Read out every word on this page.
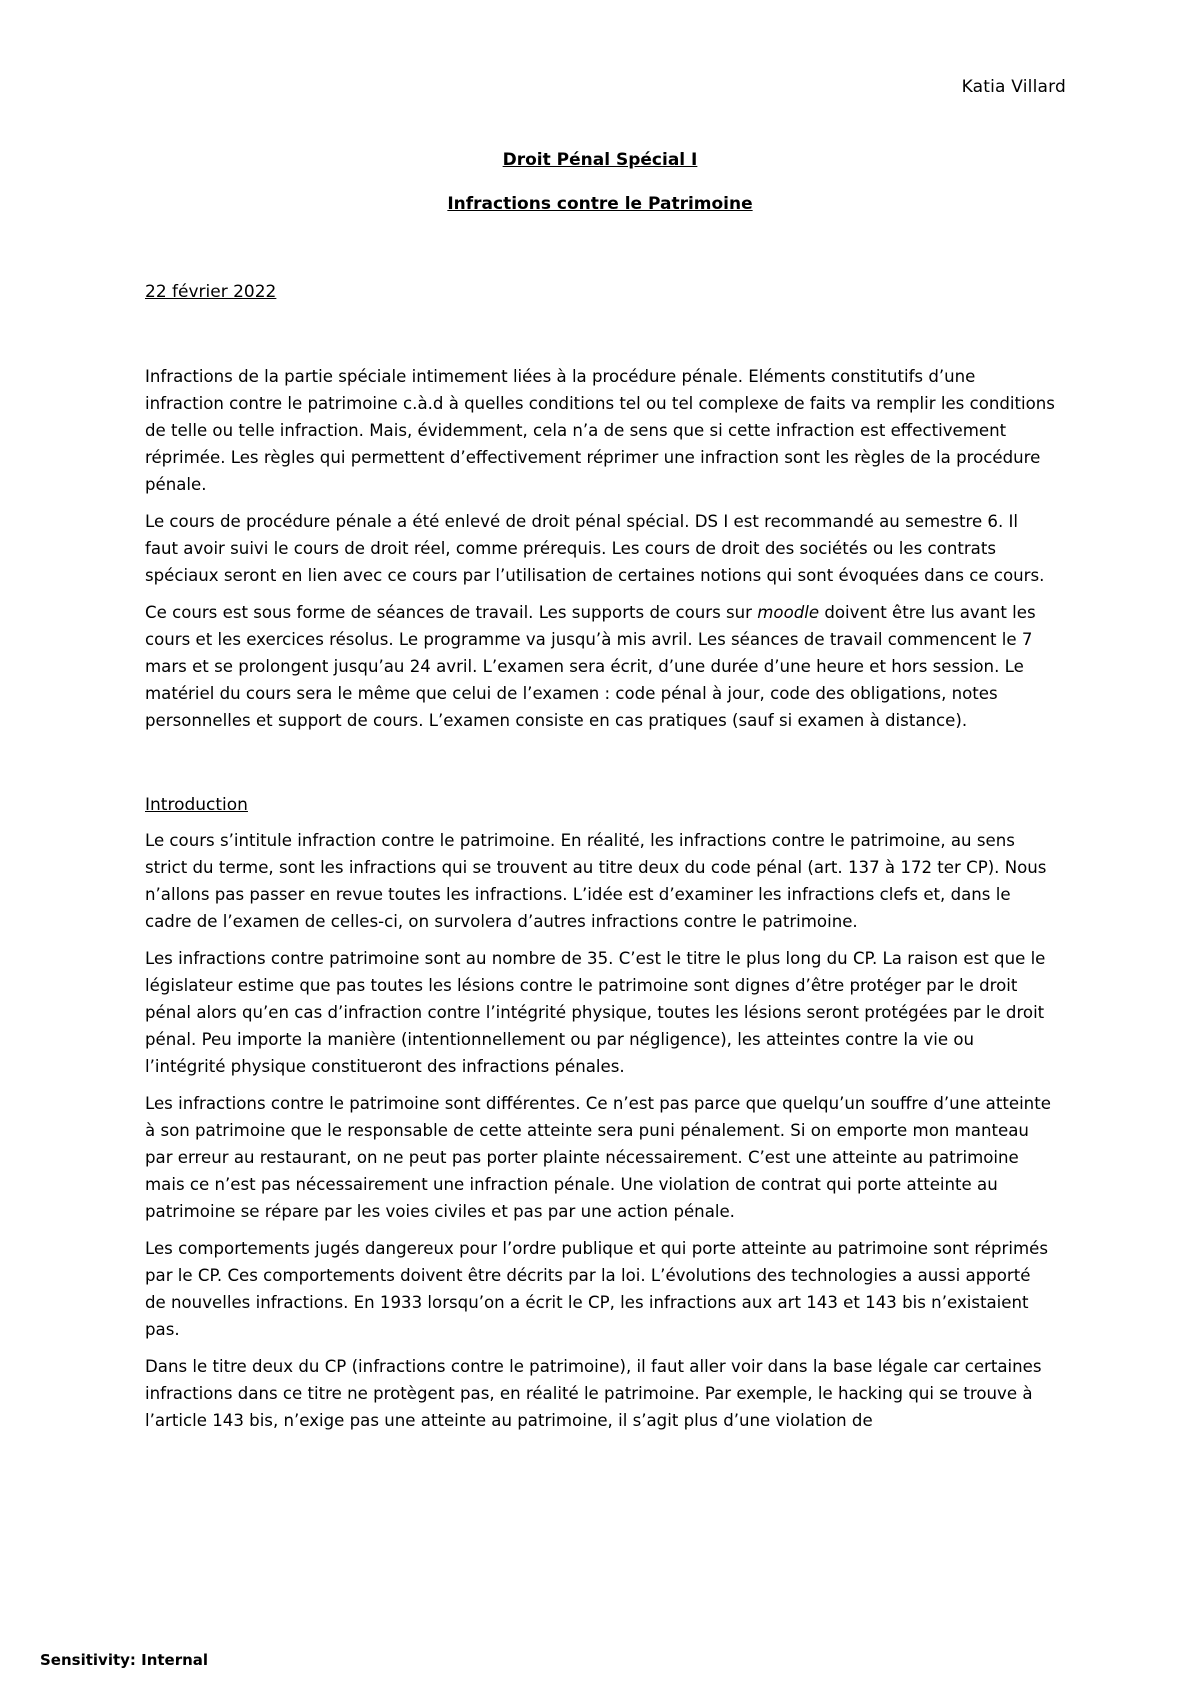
Katia Villard
Droit Pénal Spécial I
Infractions contre le Patrimoine
22 février 2022

Infractions de la partie spéciale intimement liées à la procédure pénale. Eléments constitutifs d’une infraction contre le patrimoine c.à.d à quelles conditions tel ou tel complexe de faits va remplir les conditions de telle ou telle infraction. Mais, évidemment, cela n’a de sens que si cette infraction est effectivement réprimée. Les règles qui permettent d’effectivement réprimer une infraction sont les règles de la procédure pénale.

Le cours de procédure pénale a été enlevé de droit pénal spécial. DS I est recommandé au semestre 6. Il faut avoir suivi le cours de droit réel, comme prérequis. Les cours de droit des sociétés ou les contrats spéciaux seront en lien avec ce cours par l’utilisation de certaines notions qui sont évoquées dans ce cours.

Ce cours est sous forme de séances de travail. Les supports de cours sur moodle doivent être lus avant les cours et les exercices résolus. Le programme va jusqu’à mis avril. Les séances de travail commencent le 7 mars et se prolongent jusqu’au 24 avril. L’examen sera écrit, d’une durée d’une heure et hors session. Le matériel du cours sera le même que celui de l’examen : code pénal à jour, code des obligations, notes personnelles et support de cours. L’examen consiste en cas pratiques (sauf si examen à distance).

Introduction

Le cours s’intitule infraction contre le patrimoine. En réalité, les infractions contre le patrimoine, au sens strict du terme, sont les infractions qui se trouvent au titre deux du code pénal (art. 137 à 172 ter CP). Nous n’allons pas passer en revue toutes les infractions. L’idée est d’examiner les infractions clefs et, dans le cadre de l’examen de celles-ci, on survolera d’autres infractions contre le patrimoine.

Les infractions contre patrimoine sont au nombre de 35. C’est le titre le plus long du CP. La raison est que le législateur estime que pas toutes les lésions contre le patrimoine sont dignes d’être protéger par le droit pénal alors qu’en cas d’infraction contre l’intégrité physique, toutes les lésions seront protégées par le droit pénal. Peu importe la manière (intentionnellement ou par négligence), les atteintes contre la vie ou l’intégrité physique constitueront des infractions pénales.

Les infractions contre le patrimoine sont différentes. Ce n’est pas parce que quelqu’un souffre d’une atteinte à son patrimoine que le responsable de cette atteinte sera puni pénalement. Si on emporte mon manteau par erreur au restaurant, on ne peut pas porter plainte nécessairement. C’est une atteinte au patrimoine mais ce n’est pas nécessairement une infraction pénale. Une violation de contrat qui porte atteinte au patrimoine se répare par les voies civiles et pas par une action pénale.

Les comportements jugés dangereux pour l’ordre publique et qui porte atteinte au patrimoine sont réprimés par le CP. Ces comportements doivent être décrits par la loi. L’évolutions des technologies a aussi apporté de nouvelles infractions. En 1933 lorsqu’on a écrit le CP, les infractions aux art 143 et 143 bis n’existaient pas.

Dans le titre deux du CP (infractions contre le patrimoine), il faut aller voir dans la base légale car certaines infractions dans ce titre ne protègent pas, en réalité le patrimoine. Par exemple, le hacking qui se trouve à l’article 143 bis, n’exige pas une atteinte au patrimoine, il s’agit plus d’une violation de

Sensitivity: Internal
